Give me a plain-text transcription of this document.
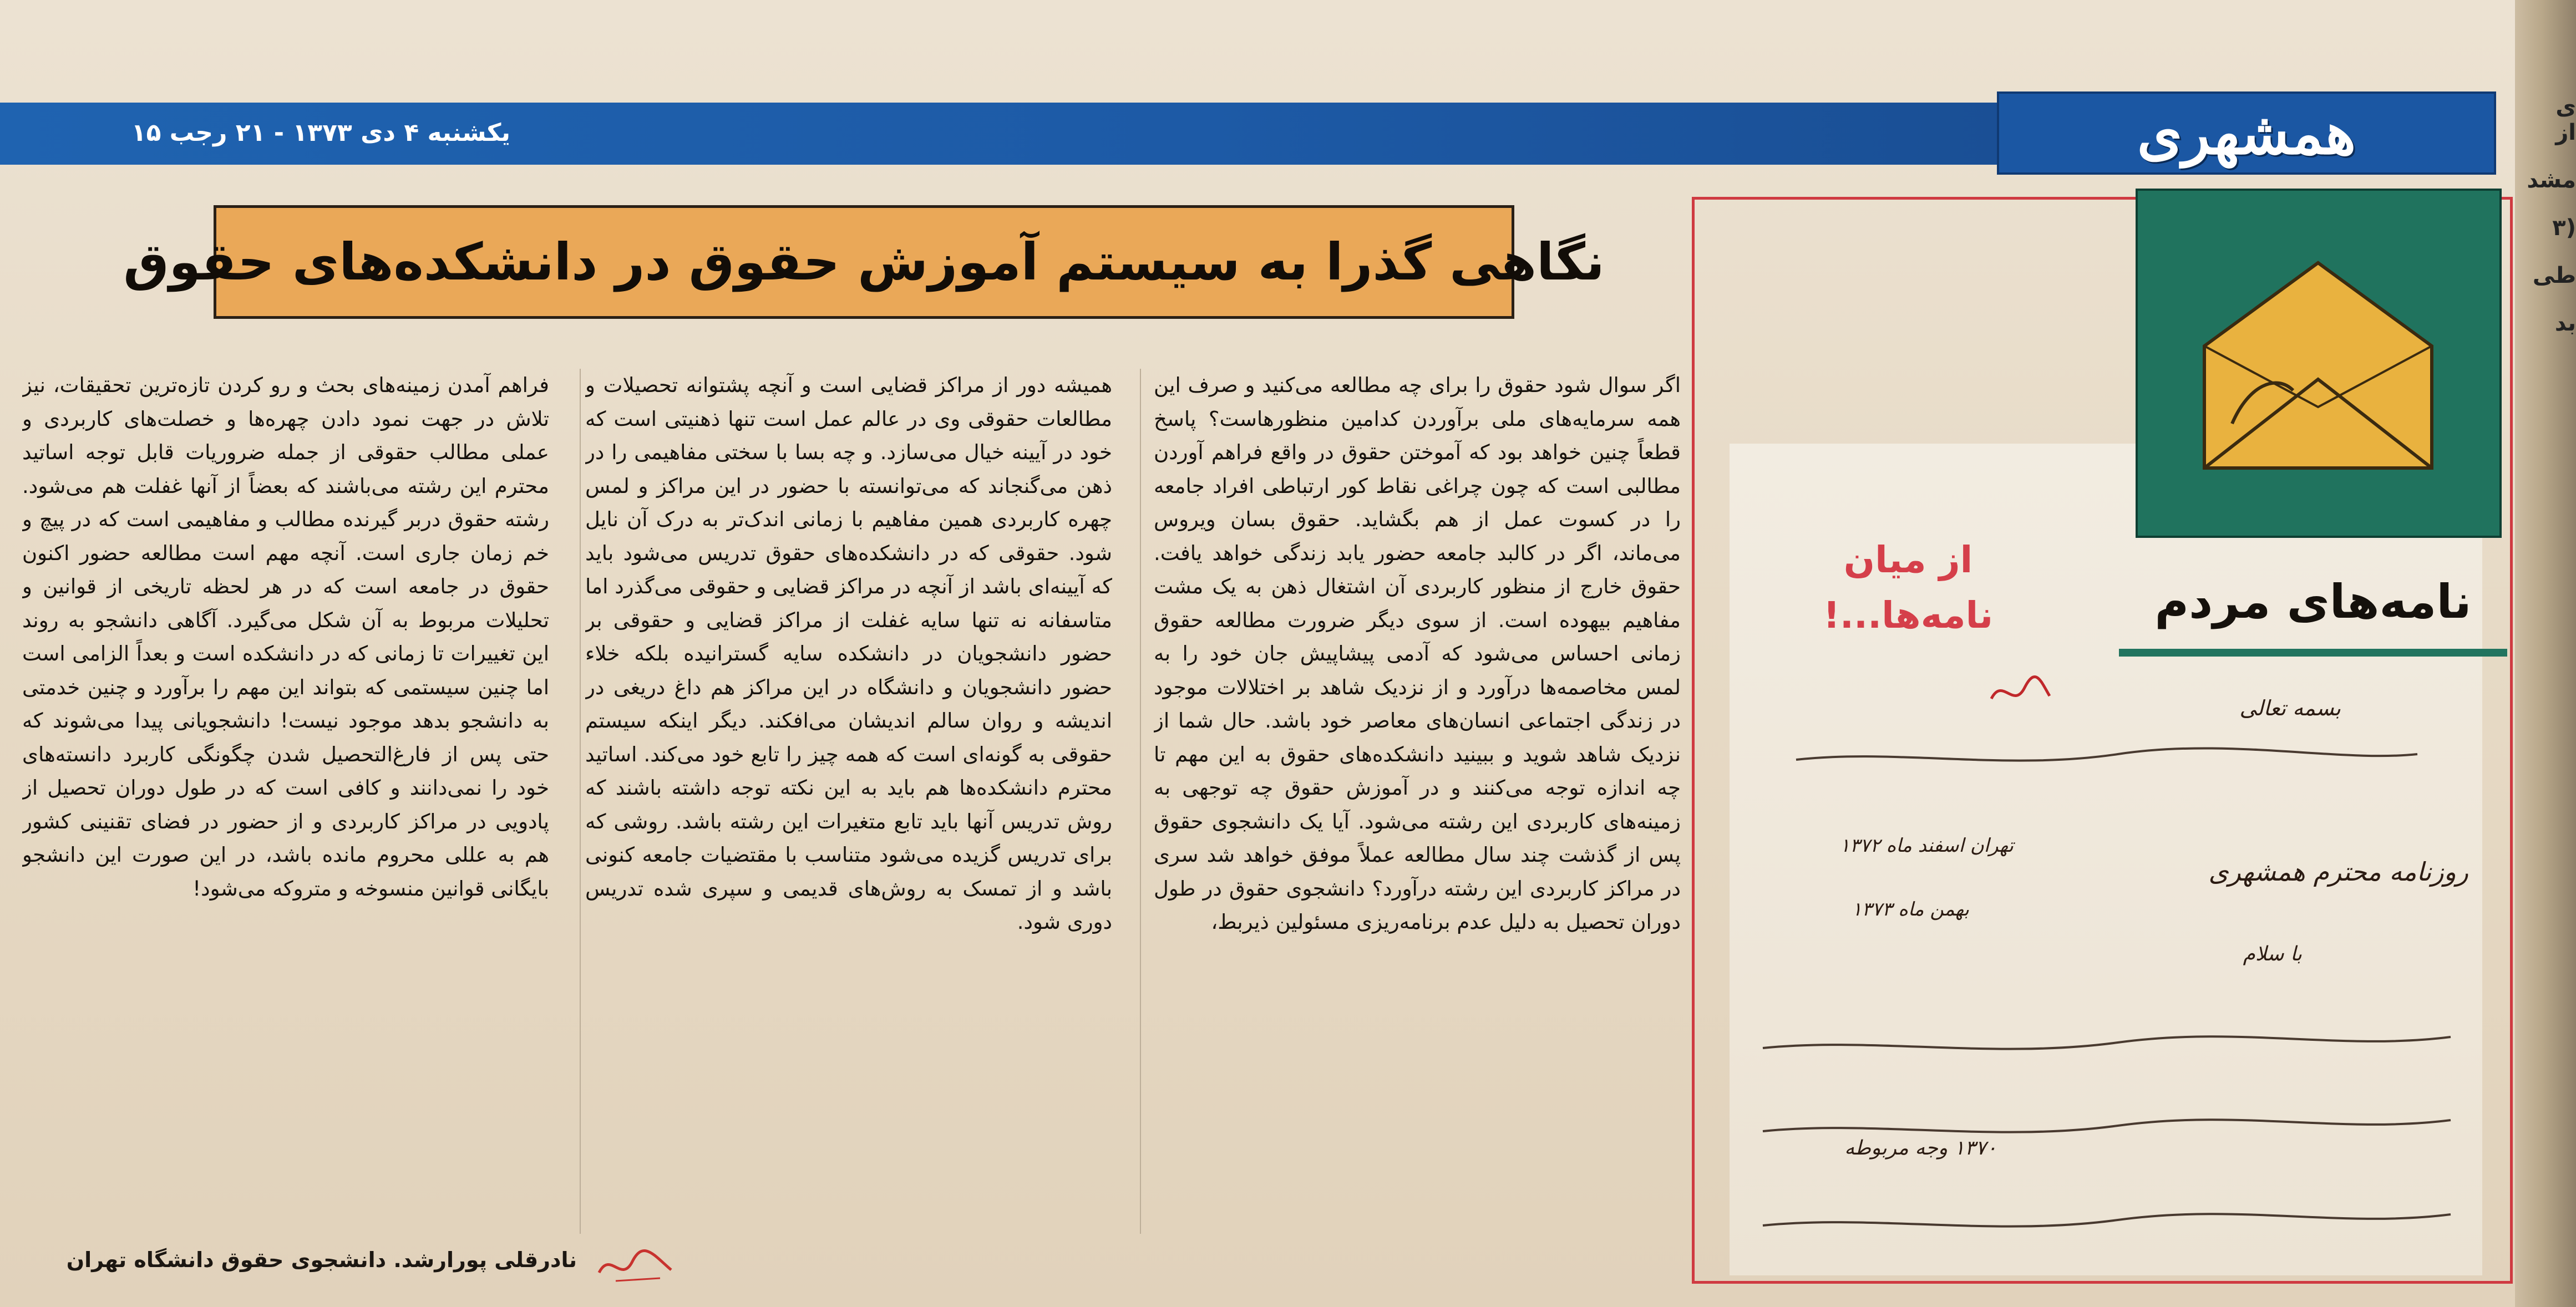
ی از
مشد
(۳
طی
بد
یکشنبه ۴ دی ۱۳۷۳ - ۲۱ رجب ۱۵	همشهری
نگاهی گذرا به سیستم آموزش حقوق در دانشکده‌های حقوق

اگر سوال شود حقوق را برای چه مطالعه می‌کنید و صرف این همه سرمایه‌های ملی برآوردن کدامین منظورهاست؟ پاسخ قطعاً چنین خواهد بود که آموختن حقوق در واقع فراهم آوردن مطالبی است که چون چراغی نقاط کور ارتباطی افراد جامعه را در کسوت عمل از هم بگشاید. حقوق بسان ویروس می‌ماند، اگر در کالبد جامعه حضور یابد زندگی خواهد یافت. حقوق خارج از منظور کاربردی آن اشتغال ذهن به یک مشت مفاهیم بیهوده است. از سوی دیگر ضرورت مطالعه حقوق زمانی احساس می‌شود که آدمی پیشاپیش جان خود را به لمس مخاصمه‌ها درآورد و از نزدیک شاهد بر اختلالات موجود در زندگی اجتماعی انسان‌های معاصر خود باشد. حال شما از نزدیک شاهد شوید و ببینید دانشکده‌های حقوق به این مهم تا چه اندازه توجه می‌کنند و در آموزش حقوق چه توجهی به زمینه‌های کاربردی این رشته می‌شود. آیا یک دانشجوی حقوق پس از گذشت چند سال مطالعه عملاً موفق خواهد شد سری در مراکز کاربردی این رشته درآورد؟ دانشجوی حقوق در طول دوران تحصیل به دلیل عدم برنامه‌ریزی مسئولین ذیربط،

همیشه دور از مراکز قضایی است و آنچه پشتوانه تحصیلات و مطالعات حقوقی وی در عالم عمل است تنها ذهنیتی است که خود در آیینه خیال می‌سازد. و چه بسا با سختی مفاهیمی را در ذهن می‌گنجاند که می‌توانسته با حضور در این مراکز و لمس چهره کاربردی همین مفاهیم با زمانی اندک‌تر به درک آن نایل شود. حقوقی که در دانشکده‌های حقوق تدریس می‌شود باید که آیینه‌ای باشد از آنچه در مراکز قضایی و حقوقی می‌گذرد اما متاسفانه نه تنها سایه غفلت از مراکز قضایی و حقوقی بر حضور دانشجویان در دانشکده سایه گسترانیده بلکه خلاء حضور دانشجویان و دانشگاه در این مراکز هم داغ دریغی در اندیشه و روان سالم اندیشان می‌افکند. دیگر اینکه سیستم حقوقی به گونه‌ای است که همه چیز را تابع خود می‌کند. اساتید محترم دانشکده‌ها هم باید به این نکته توجه داشته باشند که روش تدریس آنها باید تابع متغیرات این رشته باشد. روشی که برای تدریس گزیده می‌شود متناسب با مقتضیات جامعه کنونی باشد و از تمسک به روش‌های قدیمی و سپری شده تدریس دوری شود.

فراهم آمدن زمینه‌های بحث و رو کردن تازه‌ترین تحقیقات، نیز تلاش در جهت نمود دادن چهره‌ها و خصلت‌های کاربردی و عملی مطالب حقوقی از جمله ضروریات قابل توجه اساتید محترم این رشته می‌باشند که بعضاً از آنها غفلت هم می‌شود. رشته حقوق دربر گیرنده مطالب و مفاهیمی است که در پیچ و خم زمان جاری است. آنچه مهم است مطالعه حضور اکنون حقوق در جامعه است که در هر لحظه تاریخی از قوانین و تحلیلات مربوط به آن شکل می‌گیرد. آگاهی دانشجو به روند این تغییرات تا زمانی که در دانشکده است و بعداً الزامی است اما چنین سیستمی که بتواند این مهم را برآورد و چنین خدمتی به دانشجو بدهد موجود نیست! دانشجویانی پیدا می‌شوند که حتی پس از فارغ‌التحصیل شدن چگونگی کاربرد دانسته‌های خود را نمی‌دانند و کافی است که در طول دوران تحصیل از پادویی در مراکز کاربردی و از حضور در فضای تقنینی کشور هم به عللی محروم مانده باشد، در این صورت این دانشجو بایگانی قوانین منسوخه و متروکه می‌شود!

نادرقلی پورارشد. دانشجوی حقوق دانشگاه تهران
بسمه تعالی
روزنامه محترم همشهری
با سلام
تهران اسفند ماه ۱۳۷۲
۱۳۷۰ وجه مربوطه
بهمن ماه ۱۳۷۳
نامه‌های مردم
از میان نامه‌ها...!
